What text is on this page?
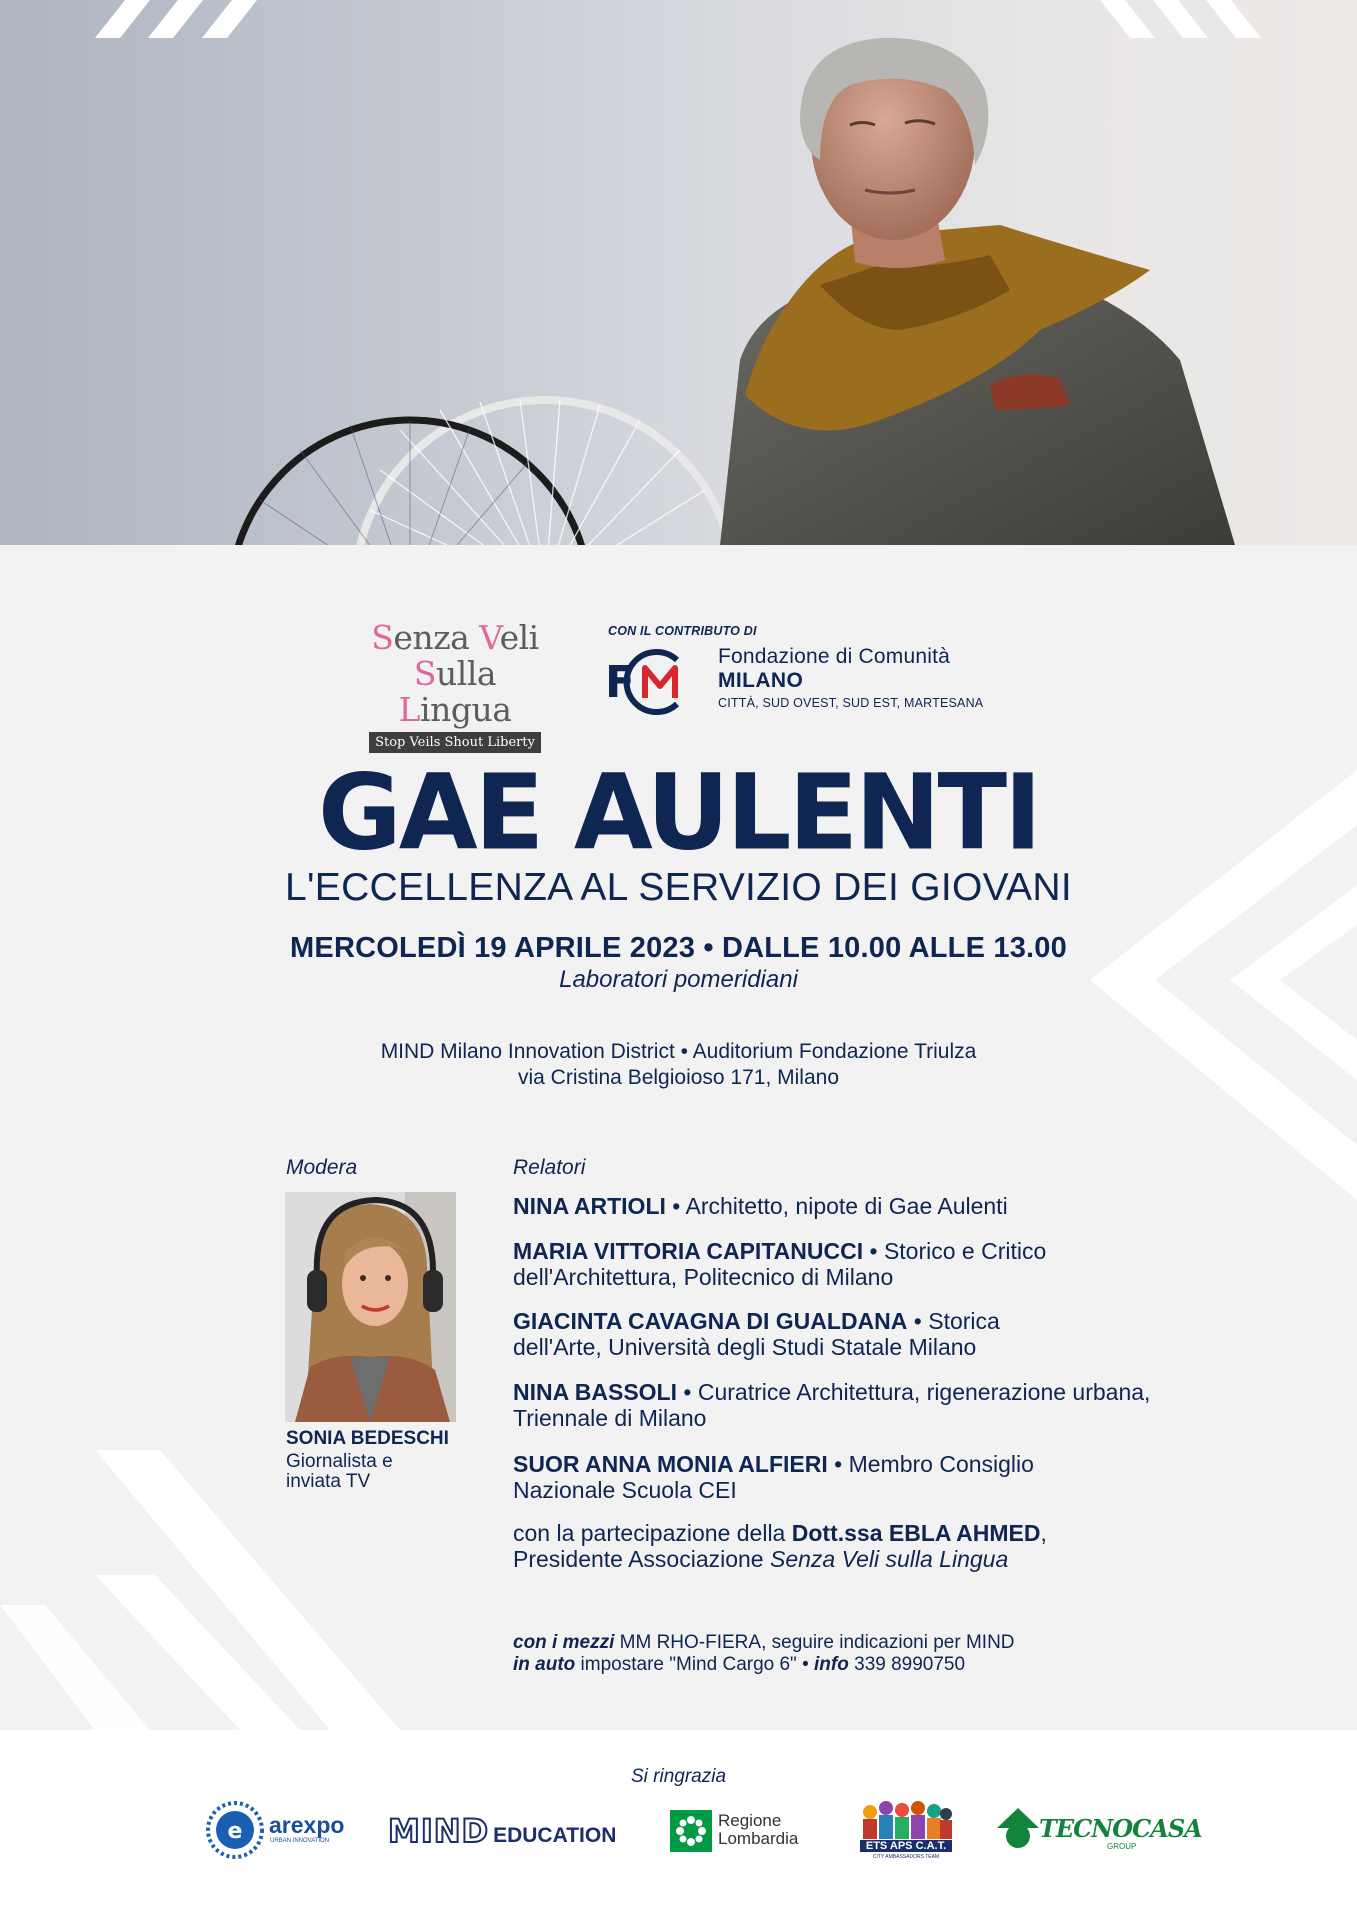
Senza Veli
Sulla Lingua
Stop Veils Shout Liberty
CON IL CONTRIBUTO DI
F
Fondazione di Comunità
MILANO
CITTÀ, SUD OVEST, SUD EST, MARTESANA
GAE AULENTI
L'ECCELLENZA AL SERVIZIO DEI GIOVANI
MERCOLEDÌ 19 APRILE 2023 • DALLE 10.00 ALLE 13.00
Laboratori pomeridiani
MIND Milano Innovation District • Auditorium Fondazione Triulza
via Cristina Belgioioso 171, Milano
Modera
SONIA BEDESCHI
Giornalista e inviata TV
Relatori
NINA ARTIOLI • Architetto, nipote di Gae Aulenti
MARIA VITTORIA CAPITANUCCI • Storico e Critico dell'Architettura, Politecnico di Milano
GIACINTA CAVAGNA DI GUALDANA • Storica dell'Arte, Università degli Studi Statale Milano
NINA BASSOLI • Curatrice Architettura, rigenerazione urbana, Triennale di Milano
SUOR ANNA MONIA ALFIERI • Membro Consiglio Nazionale Scuola CEI
con la partecipazione della Dott.ssa EBLA AHMED, Presidente Associazione Senza Veli sulla Lingua
con i mezzi MM RHO-FIERA, seguire indicazioni per MIND
in auto impostare "Mind Cargo 6" • info 339 8990750
Si ringrazia
e arexpo
URBAN INNOVATION MIND EDUCATION
Regione
Lombardia	ETS APS C.A.T.
CITY AMBASSADORS TEAM
TECNOCASA
GROUP
